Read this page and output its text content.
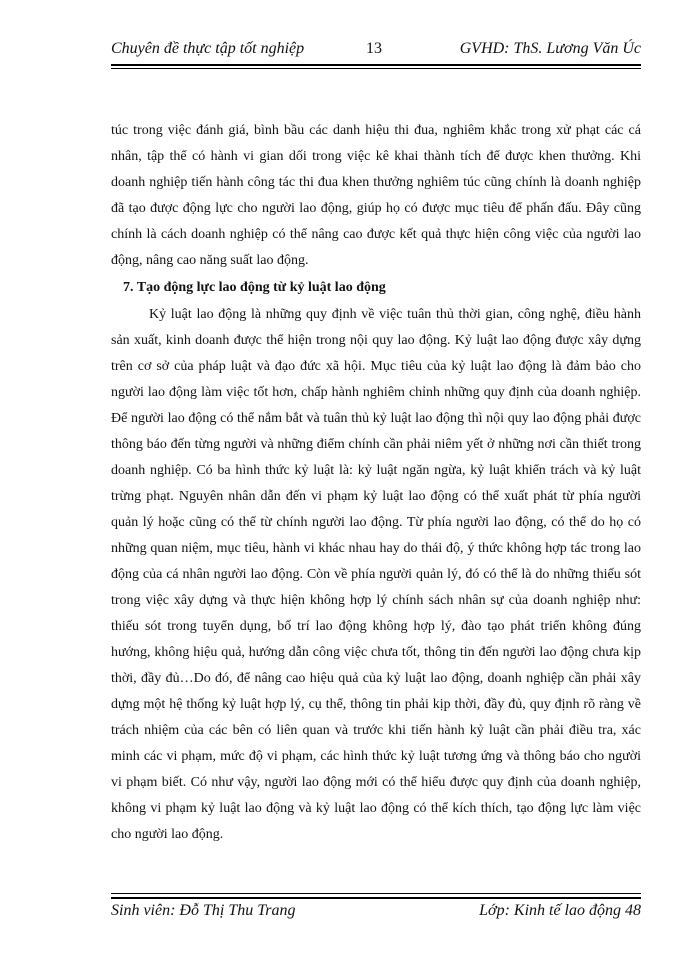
Chuyên đề thực tập tốt nghiệp	13	GVHD: ThS. Lương Văn Úc

túc trong việc đánh giá, bình bầu các danh hiệu thi đua, nghiêm khắc trong xử phạt các cá nhân, tập thể có hành vi gian dối trong việc kê khai thành tích để được khen thưởng. Khi doanh nghiệp tiến hành công tác thi đua khen thưởng nghiêm túc cũng chính là doanh nghiệp đã tạo được động lực cho người lao động, giúp họ có được mục tiêu để phấn đấu. Đây cũng chính là cách doanh nghiệp có thể nâng cao được kết quả thực hiện công việc của người lao động, nâng cao năng suất lao động.

7. Tạo động lực lao động từ kỷ luật lao động

Kỷ luật lao động là những quy định về việc tuân thủ thời gian, công nghệ, điều hành sản xuất, kinh doanh được thể hiện trong nội quy lao động. Kỷ luật lao động được xây dựng trên cơ sở của pháp luật và đạo đức xã hội. Mục tiêu của kỷ luật lao động là đảm bảo cho người lao động làm việc tốt hơn, chấp hành nghiêm chỉnh những quy định của doanh nghiệp. Để người lao động có thể nắm bắt và tuân thủ kỷ luật lao động thì nội quy lao động phải được thông báo đến từng người và những điểm chính cần phải niêm yết ở những nơi cần thiết trong doanh nghiệp. Có ba hình thức kỷ luật là: kỷ luật ngăn ngừa, kỷ luật khiển trách và kỷ luật trừng phạt. Nguyên nhân dẫn đến vi phạm kỷ luật lao động có thể xuất phát từ phía người quản lý hoặc cũng có thể từ chính người lao động. Từ phía người lao động, có thể do họ có những quan niệm, mục tiêu, hành vi khác nhau hay do thái độ, ý thức không hợp tác trong lao động của cá nhân người lao động. Còn về phía người quản lý, đó có thể là do những thiếu sót trong việc xây dựng và thực hiện không hợp lý chính sách nhân sự của doanh nghiệp như: thiếu sót trong tuyển dụng, bố trí lao động không hợp lý, đào tạo phát triển không đúng hướng, không hiệu quả, hướng dẫn công việc chưa tốt, thông tin đến người lao động chưa kịp thời, đầy đủ…Do đó, để nâng cao hiệu quả của kỷ luật lao động, doanh nghiệp cần phải xây dựng một hệ thống kỷ luật hợp lý, cụ thể, thông tin phải kịp thời, đầy đủ, quy định rõ ràng về trách nhiệm của các bên có liên quan và trước khi tiến hành kỷ luật cần phải điều tra, xác minh các vi phạm, mức độ vi phạm, các hình thức kỷ luật tương ứng và thông báo cho người vi phạm biết. Có như vậy, người lao động mới có thể hiểu được quy định của doanh nghiệp, không vi phạm kỷ luật lao động và kỷ luật lao động có thể kích thích, tạo động lực làm việc cho người lao động.

Sinh viên: Đỗ Thị Thu Trang	Lớp: Kinh tế lao động 48
